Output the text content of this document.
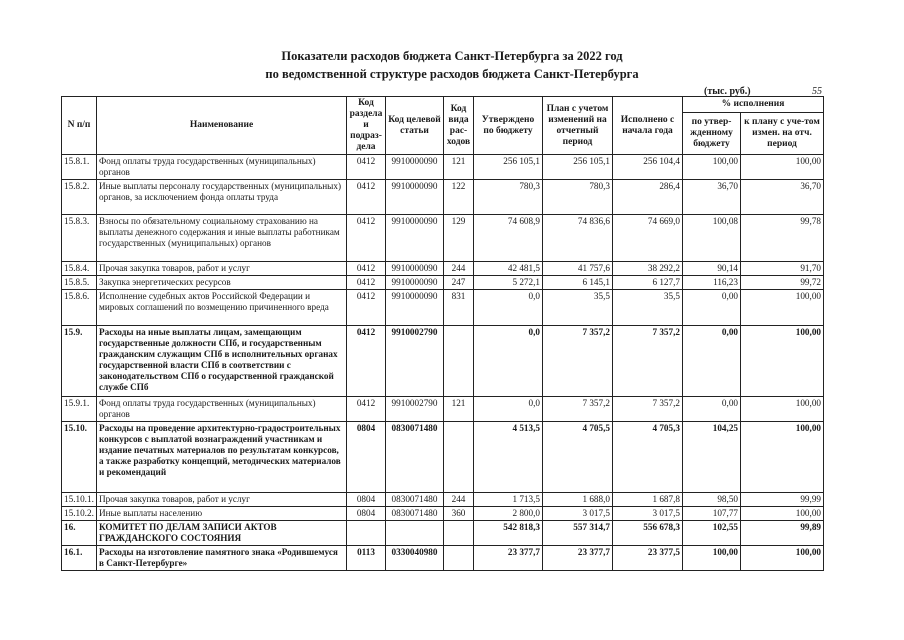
Показатели расходов бюджета Санкт-Петербурга за 2022 год
по ведомственной структуре расходов бюджета Санкт-Петербурга
(тыс. руб.)	55
N п/п	Наименование	Код раздела и подраз-дела	Код целевой статьи	Код вида рас-ходов	Утверждено по бюджету	План с учетом изменений на отчетный период	Исполнено с начала года	% исполнения	
								по утвер-жденному бюджету	к плану с уче-том измен. на отч. период
15.8.1.	Фонд оплаты труда государственных (муниципальных) органов	0412	9910000090	121	256 105,1	256 105,1	256 104,4	100,00	100,00
15.8.2.	Иные выплаты персоналу государственных (муниципальных) органов, за исключением фонда оплаты труда	0412	9910000090	122	780,3	780,3	286,4	36,70	36,70
15.8.3.	Взносы по обязательному социальному страхованию на выплаты денежного содержания и иные выплаты работникам государственных (муниципальных) органов	0412	9910000090	129	74 608,9	74 836,6	74 669,0	100,08	99,78
15.8.4.	Прочая закупка товаров, работ и услуг	0412	9910000090	244	42 481,5	41 757,6	38 292,2	90,14	91,70
15.8.5.	Закупка энергетических ресурсов	0412	9910000090	247	5 272,1	6 145,1	6 127,7	116,23	99,72
15.8.6.	Исполнение судебных актов Российской Федерации и мировых соглашений по возмещению причиненного вреда	0412	9910000090	831	0,0	35,5	35,5	0,00	100,00
15.9.	Расходы на иные выплаты лицам, замещающим государственные должности СПб, и государственным гражданским служащим СПб в исполнительных органах государственной власти СПб в соответствии с законодательством СПб о государственной гражданской службе СПб	0412	9910002790		0,0	7 357,2	7 357,2	0,00	100,00
15.9.1.	Фонд оплаты труда государственных (муниципальных) органов	0412	9910002790	121	0,0	7 357,2	7 357,2	0,00	100,00
15.10.	Расходы на проведение архитектурно-градостроительных конкурсов с выплатой вознаграждений участникам и издание печатных материалов по результатам конкурсов, а также разработку концепций, методических материалов и рекомендаций	0804	0830071480		4 513,5	4 705,5	4 705,3	104,25	100,00
15.10.1.	Прочая закупка товаров, работ и услуг	0804	0830071480	244	1 713,5	1 688,0	1 687,8	98,50	99,99
15.10.2.	Иные выплаты населению	0804	0830071480	360	2 800,0	3 017,5	3 017,5	107,77	100,00
16.	КОМИТЕТ ПО ДЕЛАМ ЗАПИСИ АКТОВ ГРАЖДАНСКОГО СОСТОЯНИЯ				542 818,3	557 314,7	556 678,3	102,55	99,89
16.1.	Расходы на изготовление памятного знака «Родившемуся в Санкт-Петербурге»	0113	0330040980		23 377,7	23 377,7	23 377,5	100,00	100,00
